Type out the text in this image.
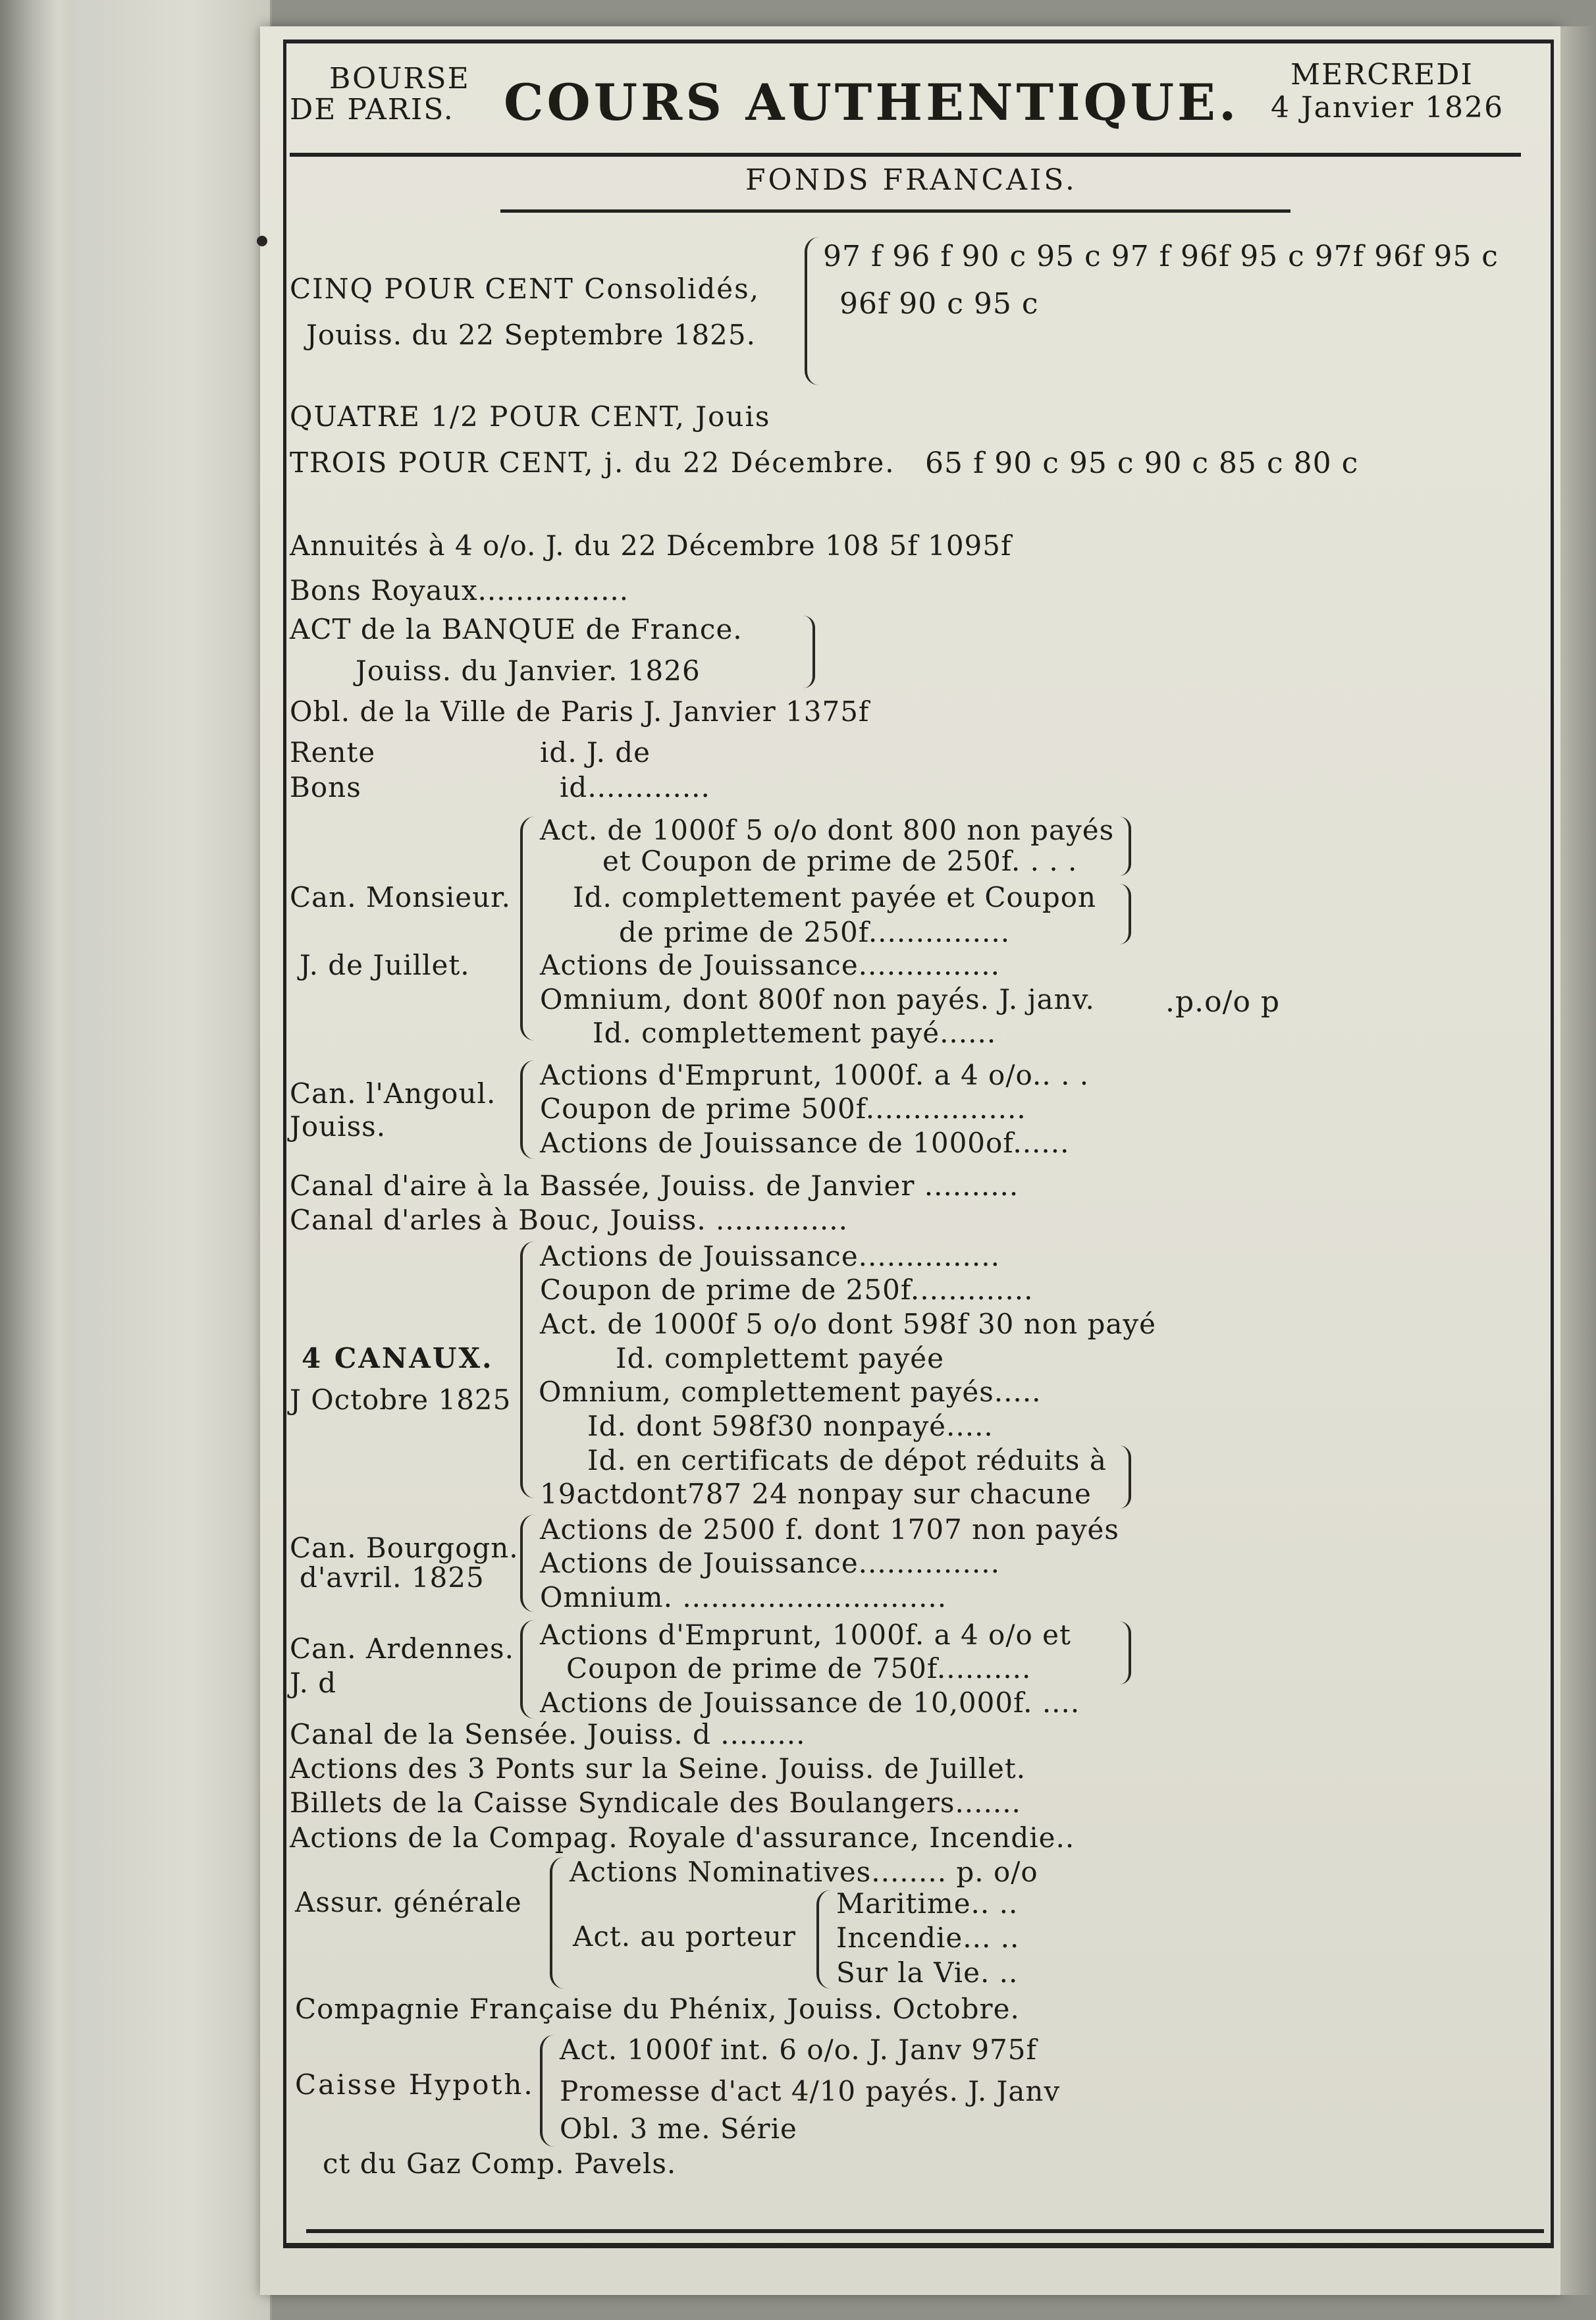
BOURSE
DE PARIS. COURS AUTHENTIQUE. MERCREDI
4 Janvier 1826
FONDS FRANCAIS.
CINQ POUR CENT Consolidés,
Jouiss. du 22 Septembre 1825.
97 f 96 f 90 c 95 c 97 f 96f 95 c 97f 96f 95 c
96f 90 c 95 c
QUATRE 1/2 POUR CENT, Jouis
TROIS POUR CENT, j. du 22 Décembre. 65 f 90 c 95 c 90 c 85 c 80 c
Annuités à 4 o/o. J. du 22 Décembre 108 5f 1095f
Bons Royaux................
ACT de la BANQUE de France.
Jouiss. du Janvier. 1826
Obl. de la Ville de Paris J. Janvier 1375f
Rente	id. J. de
Bons	id.............
Can. Monsieur.
J. de Juillet.
Act. de 1000f 5 o/o dont 800 non payés
et Coupon de prime de 250f. . . .
Id. complettement payée et Coupon
de prime de 250f...............
Actions de Jouissance...............
Omnium, dont 800f non payés. J. janv.
Id. complettement payé......
.p.o/o p
Can. l'Angoul.
Jouiss.
Actions d'Emprunt, 1000f. a 4 o/o.. . .
Coupon de prime 500f.................
Actions de Jouissance de 1000of......
Canal d'aire à la Bassée, Jouiss. de Janvier ..........
Canal d'arles à Bouc, Jouiss. ..............
4 CANAUX.
J Octobre 1825
Actions de Jouissance...............
Coupon de prime de 250f.............
Act. de 1000f 5 o/o dont 598f 30 non payé
Id. complettemt payée
Omnium, complettement payés.....
Id. dont 598f30 nonpayé.....
Id. en certificats de dépot réduits à
19actdont787 24 nonpay sur chacune
Can. Bourgogn.
d'avril. 1825
Actions de 2500 f. dont 1707 non payés
Actions de Jouissance...............
Omnium. ............................
Can. Ardennes.
J. d
Actions d'Emprunt, 1000f. a 4 o/o et
Coupon de prime de 750f..........
Actions de Jouissance de 10,000f. ....
Canal de la Sensée. Jouiss. d .........
Actions des 3 Ponts sur la Seine. Jouiss. de Juillet.
Billets de la Caisse Syndicale des Boulangers.......
Actions de la Compag. Royale d'assurance, Incendie..
Assur. générale
Actions Nominatives........ p. o/o
Act. au porteur
Maritime.. ..
Incendie... ..
Sur la Vie. ..
Compagnie Française du Phénix, Jouiss. Octobre.
Caisse Hypoth.
Act. 1000f int. 6 o/o. J. Janv 975f
Promesse d'act 4/10 payés. J. Janv
Obl. 3 me. Série
ct du Gaz Comp. Pavels.
